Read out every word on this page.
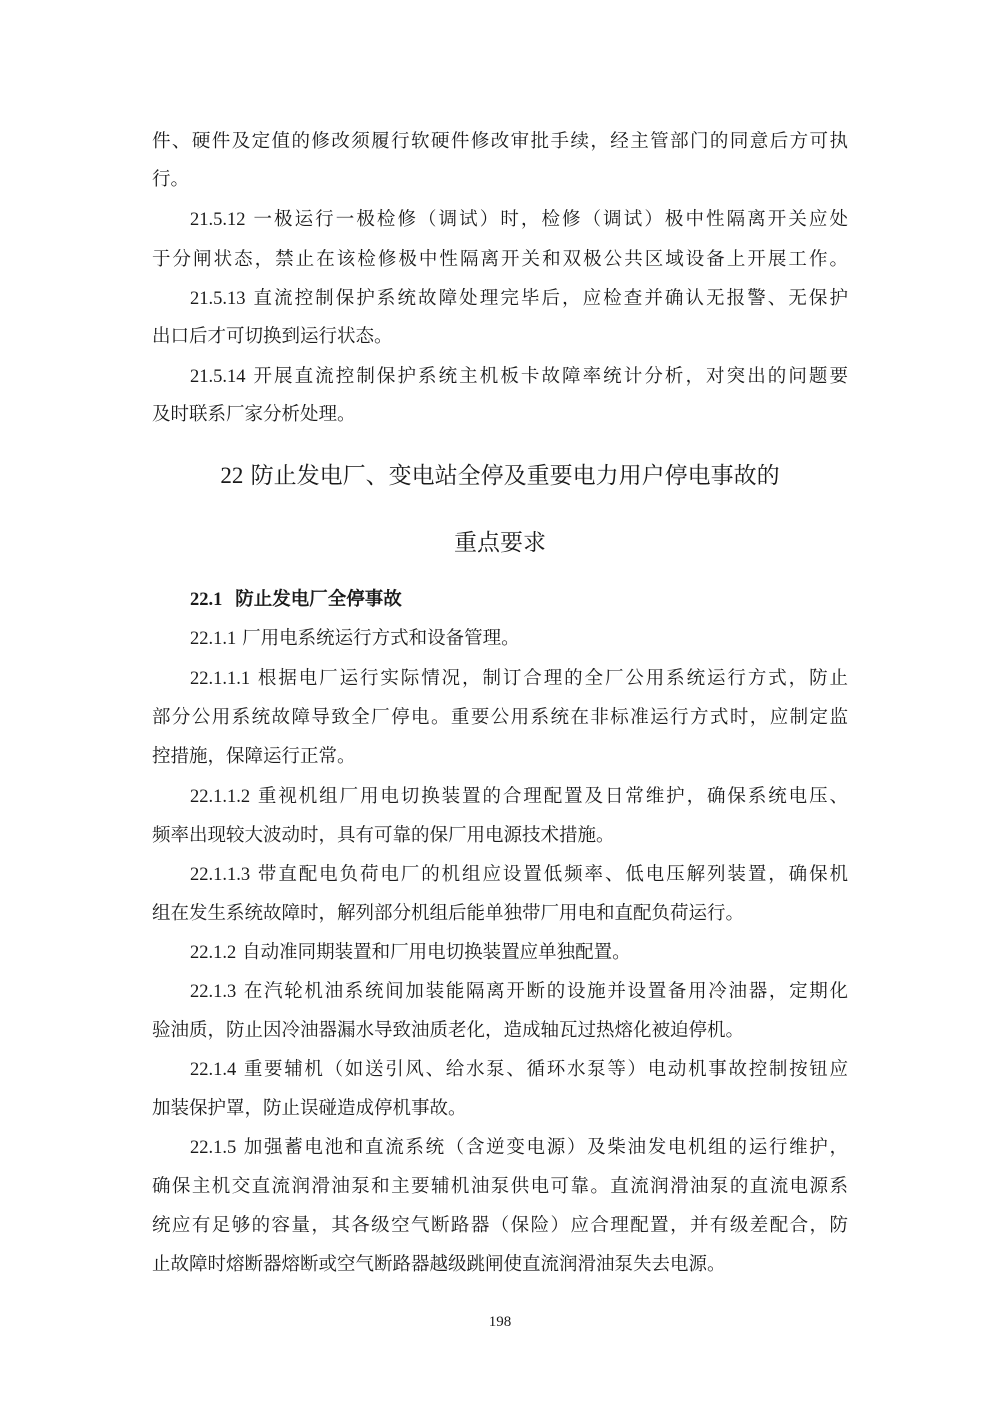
件、硬件及定值的修改须履行软硬件修改审批手续，经主管部门的同意后方可执

行。

21.5.12 一极运行一极检修（调试）时，检修（调试）极中性隔离开关应处

于分闸状态，禁止在该检修极中性隔离开关和双极公共区域设备上开展工作。

21.5.13 直流控制保护系统故障处理完毕后，应检查并确认无报警、无保护

出口后才可切换到运行状态。

21.5.14 开展直流控制保护系统主机板卡故障率统计分析，对突出的问题要

及时联系厂家分析处理。

22 防止发电厂、变电站全停及重要电力用户停电事故的
重点要求
22.1 防止发电厂全停事故

22.1.1 厂用电系统运行方式和设备管理。

22.1.1.1 根据电厂运行实际情况，制订合理的全厂公用系统运行方式，防止

部分公用系统故障导致全厂停电。重要公用系统在非标准运行方式时，应制定监

控措施，保障运行正常。

22.1.1.2 重视机组厂用电切换装置的合理配置及日常维护，确保系统电压、

频率出现较大波动时，具有可靠的保厂用电源技术措施。

22.1.1.3 带直配电负荷电厂的机组应设置低频率、低电压解列装置，确保机

组在发生系统故障时，解列部分机组后能单独带厂用电和直配负荷运行。

22.1.2 自动准同期装置和厂用电切换装置应单独配置。

22.1.3 在汽轮机油系统间加装能隔离开断的设施并设置备用冷油器，定期化

验油质，防止因冷油器漏水导致油质老化，造成轴瓦过热熔化被迫停机。

22.1.4 重要辅机（如送引风、给水泵、循环水泵等）电动机事故控制按钮应

加装保护罩，防止误碰造成停机事故。

22.1.5 加强蓄电池和直流系统（含逆变电源）及柴油发电机组的运行维护，

确保主机交直流润滑油泵和主要辅机油泵供电可靠。直流润滑油泵的直流电源系

统应有足够的容量，其各级空气断路器（保险）应合理配置，并有级差配合，防

止故障时熔断器熔断或空气断路器越级跳闸使直流润滑油泵失去电源。

198
